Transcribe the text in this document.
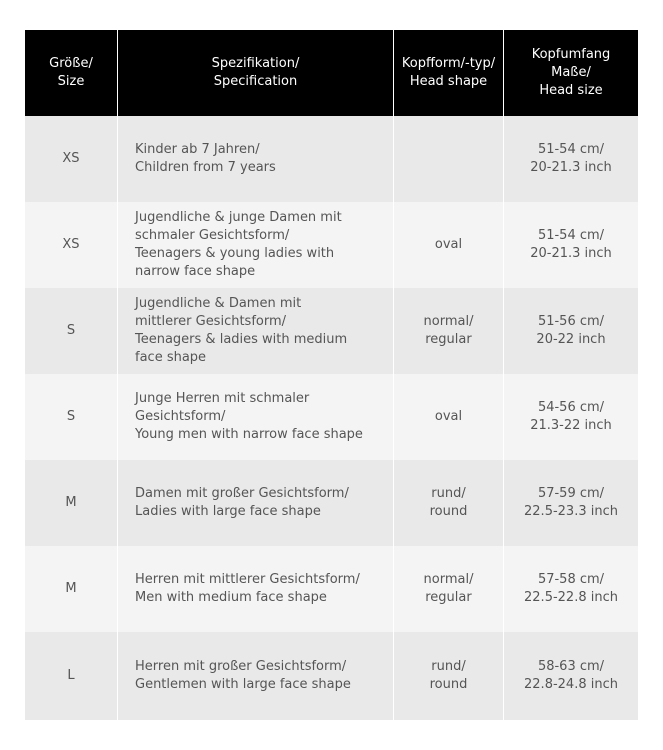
Größe/
Size
Spezifikation/
Specification
Kopfform/-typ/
Head shape
Kopfumfang
Maße/
Head size
XS
Kinder ab 7 Jahren/
Children from 7 years
51-54 cm/
20-21.3 inch
XS
Jugendliche & junge Damen mit
schmaler Gesichtsform/
Teenagers & young ladies with
narrow face shape
oval
51-54 cm/
20-21.3 inch
S
Jugendliche & Damen mit
mittlerer Gesichtsform/
Teenagers & ladies with medium
face shape
normal/
regular
51-56 cm/
20-22 inch
S
Junge Herren mit schmaler
Gesichtsform/
Young men with narrow face shape
oval
54-56 cm/
21.3-22 inch
M
Damen mit großer Gesichtsform/
Ladies with large face shape
rund/
round
57-59 cm/
22.5-23.3 inch
M
Herren mit mittlerer Gesichtsform/
Men with medium face shape
normal/
regular
57-58 cm/
22.5-22.8 inch
L
Herren mit großer Gesichtsform/
Gentlemen with large face shape
rund/
round
58-63 cm/
22.8-24.8 inch
